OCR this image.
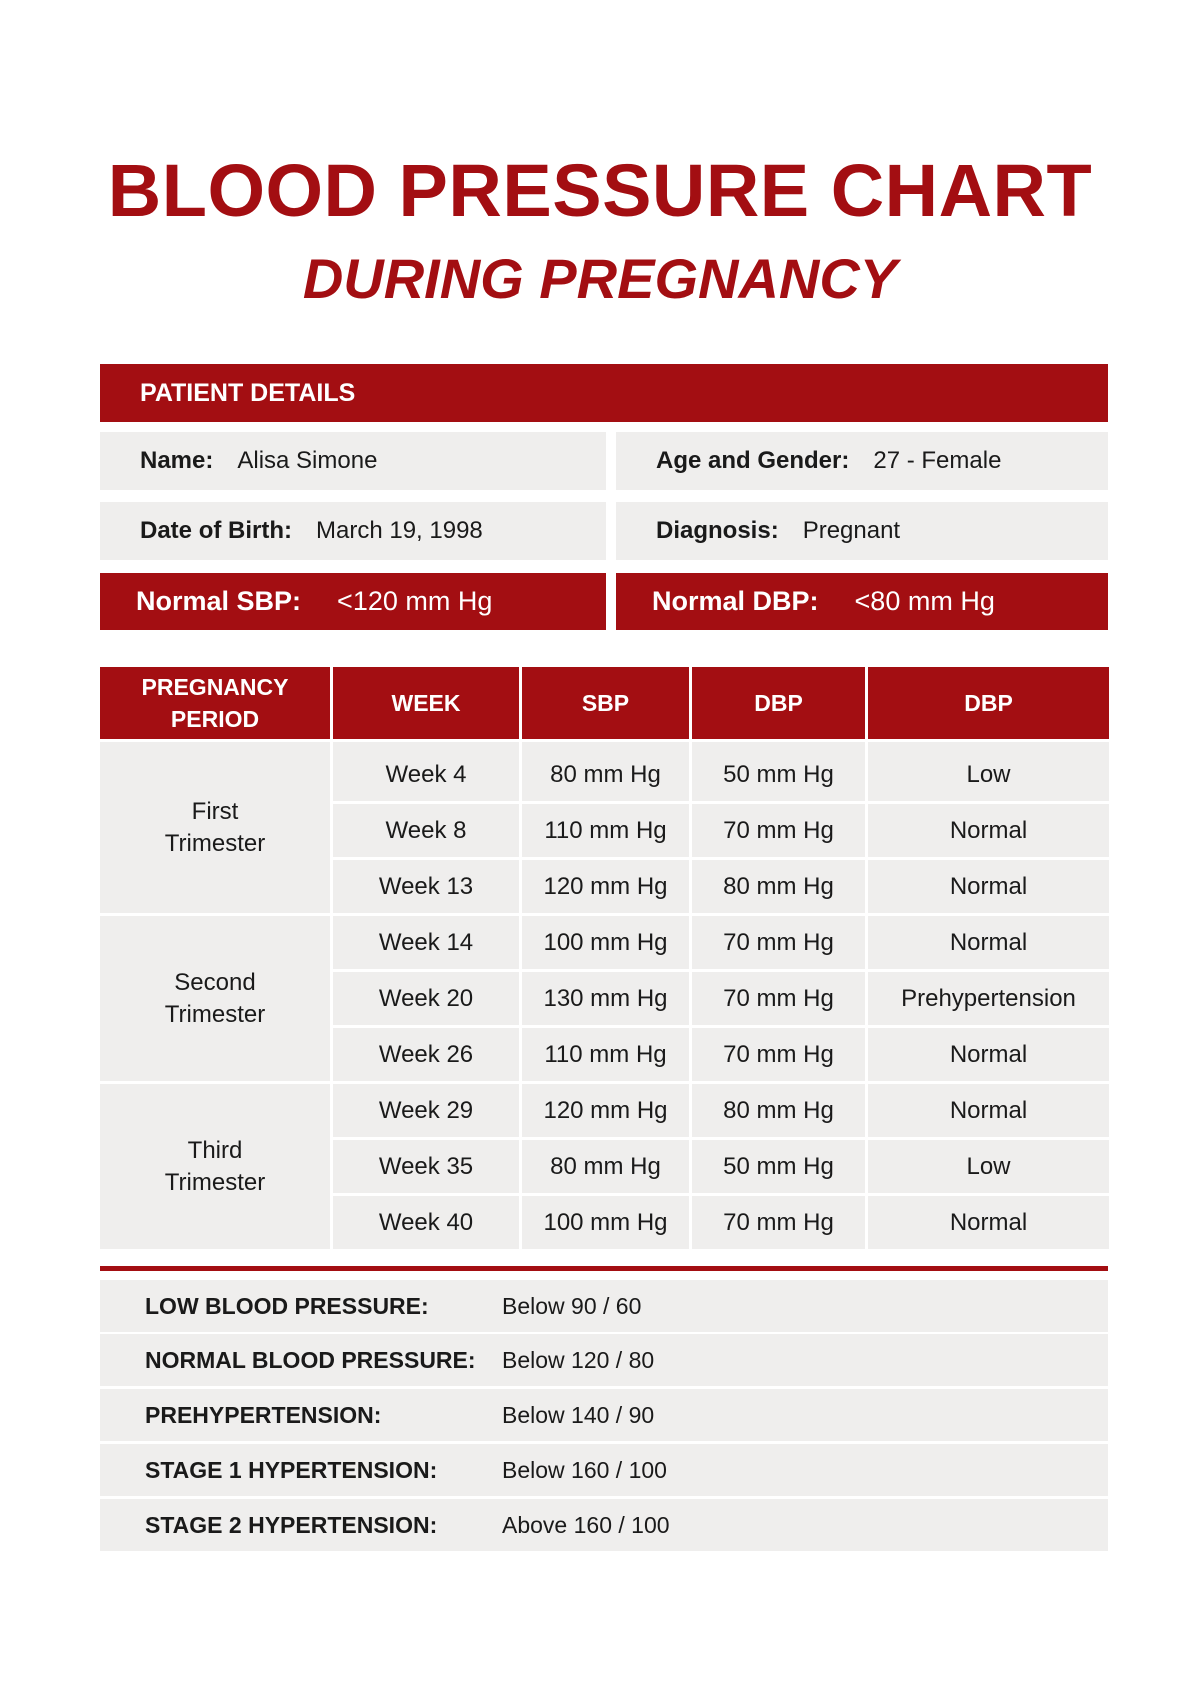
BLOOD PRESSURE CHART
DURING PREGNANCY
PATIENT DETAILS
Name: Alisa Simone	Age and Gender: 27 - Female
Date of Birth: March 19, 1998	Diagnosis: Pregnant
Normal SBP: <120 mm Hg	Normal DBP: <80 mm Hg
PREGNANCY PERIOD	WEEK	SBP	DBP	DBP
First Trimester	Week 4	80 mm Hg	50 mm Hg	Low
	Week 8	110 mm Hg	70 mm Hg	Normal
	Week 13	120 mm Hg	80 mm Hg	Normal
Second Trimester	Week 14	100 mm Hg	70 mm Hg	Normal
	Week 20	130 mm Hg	70 mm Hg	Prehypertension
	Week 26	110 mm Hg	70 mm Hg	Normal
Third Trimester	Week 29	120 mm Hg	80 mm Hg	Normal
	Week 35	80 mm Hg	50 mm Hg	Low
	Week 40	100 mm Hg	70 mm Hg	Normal
LOW BLOOD PRESSURE:	Below 90 / 60
NORMAL BLOOD PRESSURE:	Below 120 / 80
PREHYPERTENSION:	Below 140 / 90
STAGE 1 HYPERTENSION:	Below 160 / 100
STAGE 2 HYPERTENSION:	Above 160 / 100
